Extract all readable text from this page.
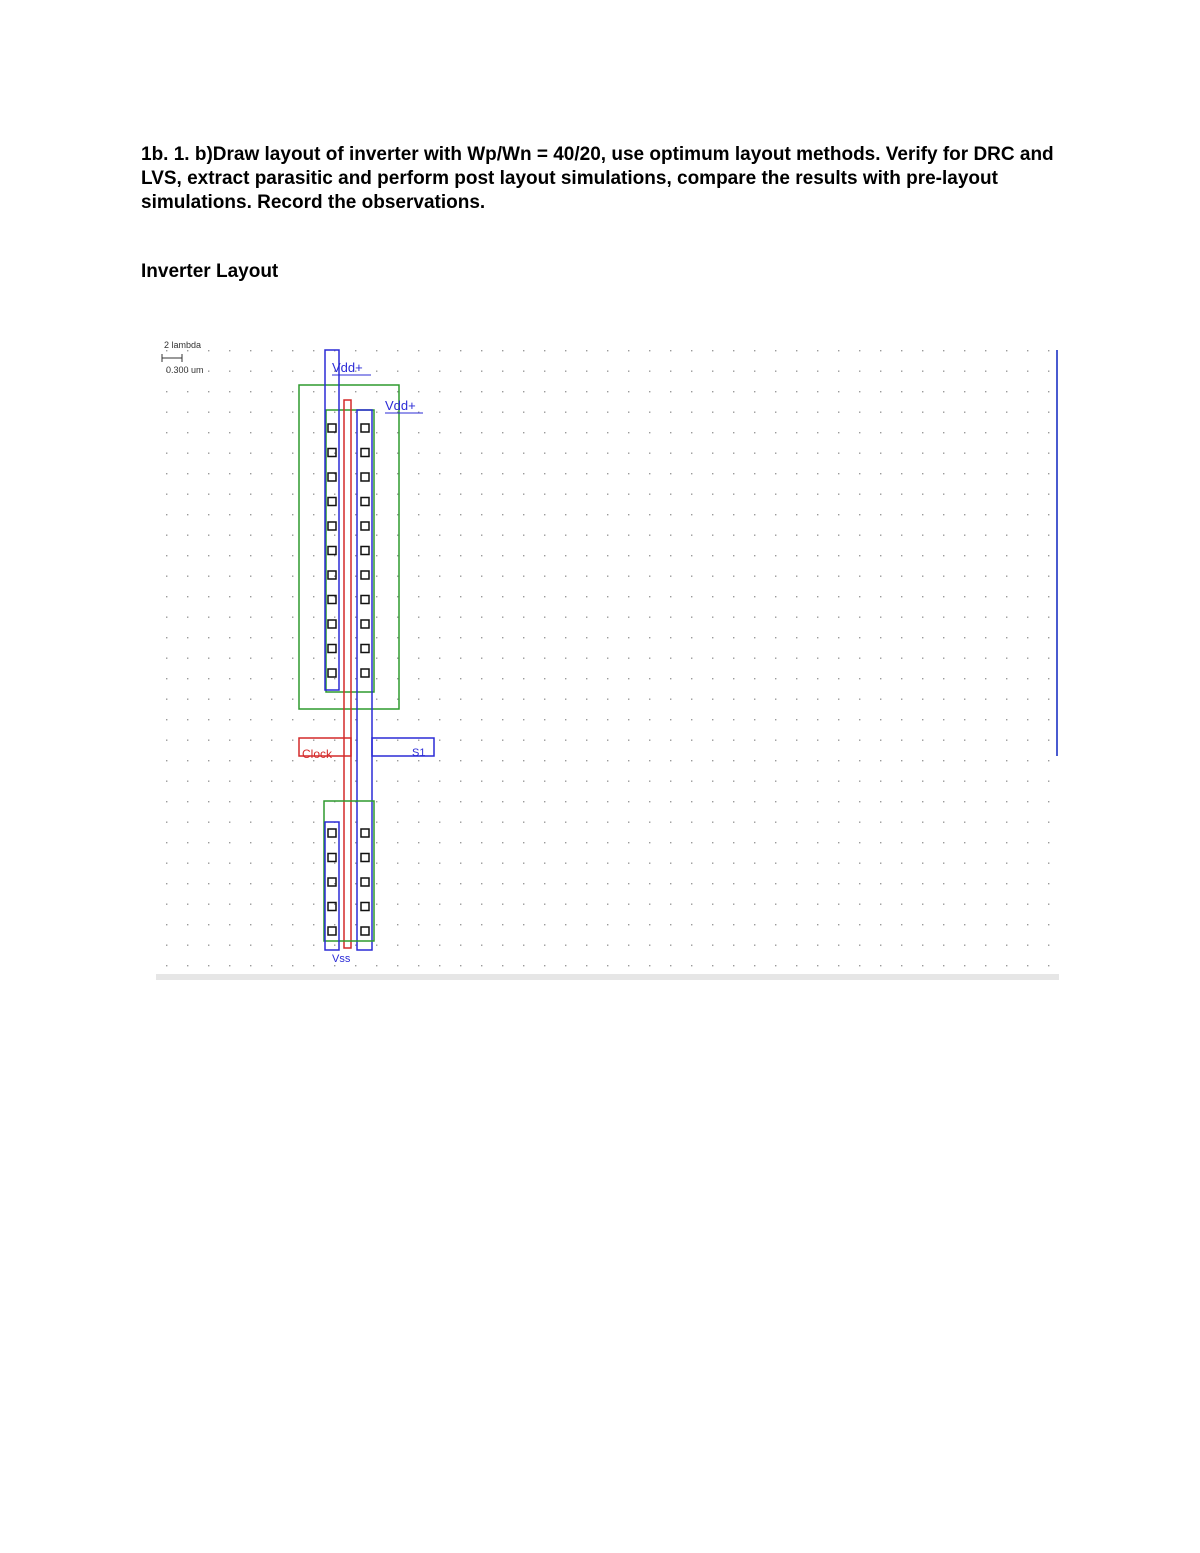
1b. 1. b)Draw layout of inverter with Wp/Wn = 40/20, use optimum layout methods. Verify for DRC and LVS, extract parasitic and perform post layout simulations, compare the results with pre-layout simulations. Record the observations.

Inverter Layout

2 lambda
0.300 um	Vdd+
Vdd+
Clock	S1
Vss
